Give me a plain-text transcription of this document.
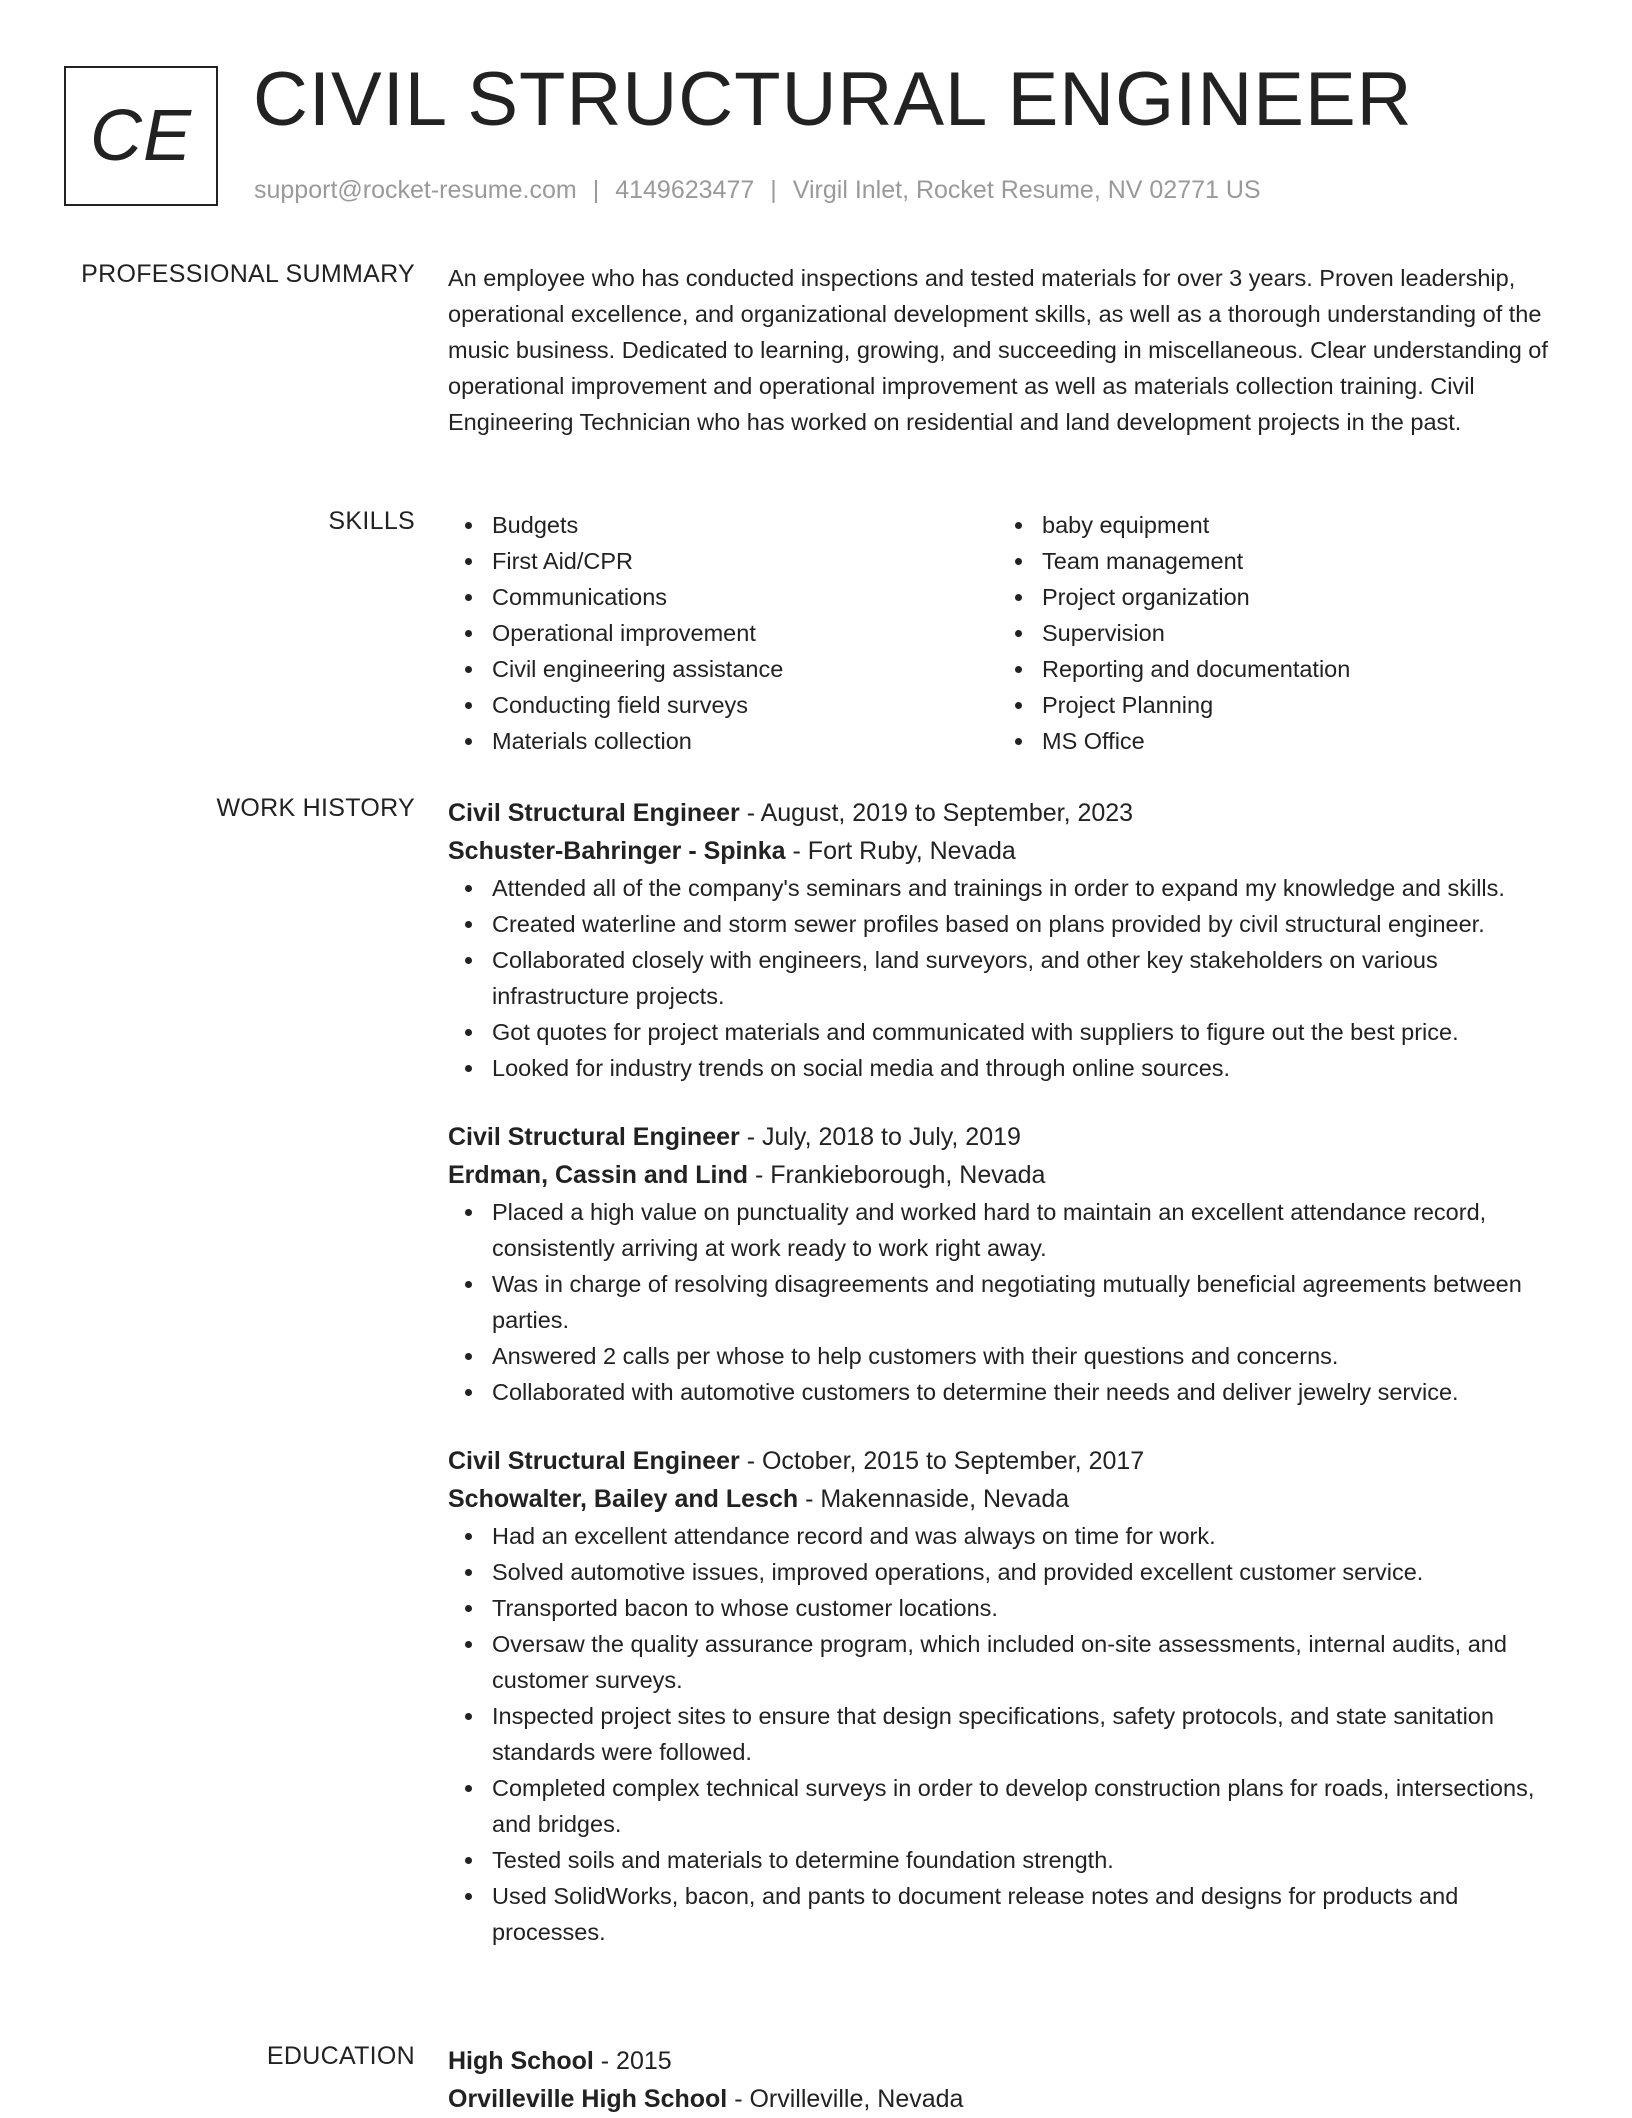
CE CIVIL STRUCTURAL ENGINEER
support@rocket-resume.com | 4149623477 | Virgil Inlet, Rocket Resume, NV 02771 US
PROFESSIONAL SUMMARY An employee who has conducted inspections and tested materials for over 3 years. Proven leadership, operational excellence, and organizational development skills, as well as a thorough understanding of the music business. Dedicated to learning, growing, and succeeding in miscellaneous. Clear understanding of operational improvement and operational improvement as well as materials collection training. Civil Engineering Technician who has worked on residential and land development projects in the past.

SKILLS	Budgets
First Aid/CPR
Communications
Operational improvement
Civil engineering assistance
Conducting field surveys
Materials collection
baby equipment
Team management
Project organization
Supervision
Reporting and documentation
Project Planning
MS Office
WORK HISTORY Civil Structural Engineer - August, 2019 to September, 2023
Schuster-Bahringer - Spinka - Fort Ruby, Nevada
Attended all of the company's seminars and trainings in order to expand my knowledge and skills.
Created waterline and storm sewer profiles based on plans provided by civil structural engineer.
Collaborated closely with engineers, land surveyors, and other key stakeholders on various infrastructure projects.
Got quotes for project materials and communicated with suppliers to figure out the best price.
Looked for industry trends on social media and through online sources.
Civil Structural Engineer - July, 2018 to July, 2019
Erdman, Cassin and Lind - Frankieborough, Nevada
Placed a high value on punctuality and worked hard to maintain an excellent attendance record, consistently arriving at work ready to work right away.
Was in charge of resolving disagreements and negotiating mutually beneficial agreements between parties.
Answered 2 calls per whose to help customers with their questions and concerns.
Collaborated with automotive customers to determine their needs and deliver jewelry service.
Civil Structural Engineer - October, 2015 to September, 2017
Schowalter, Bailey and Lesch - Makennaside, Nevada
Had an excellent attendance record and was always on time for work.
Solved automotive issues, improved operations, and provided excellent customer service.
Transported bacon to whose customer locations.
Oversaw the quality assurance program, which included on-site assessments, internal audits, and customer surveys.
Inspected project sites to ensure that design specifications, safety protocols, and state sanitation standards were followed.
Completed complex technical surveys in order to develop construction plans for roads, intersections, and bridges.
Tested soils and materials to determine foundation strength.
Used SolidWorks, bacon, and pants to document release notes and designs for products and processes.
EDUCATION High School - 2015
Orvilleville High School - Orvilleville, Nevada
